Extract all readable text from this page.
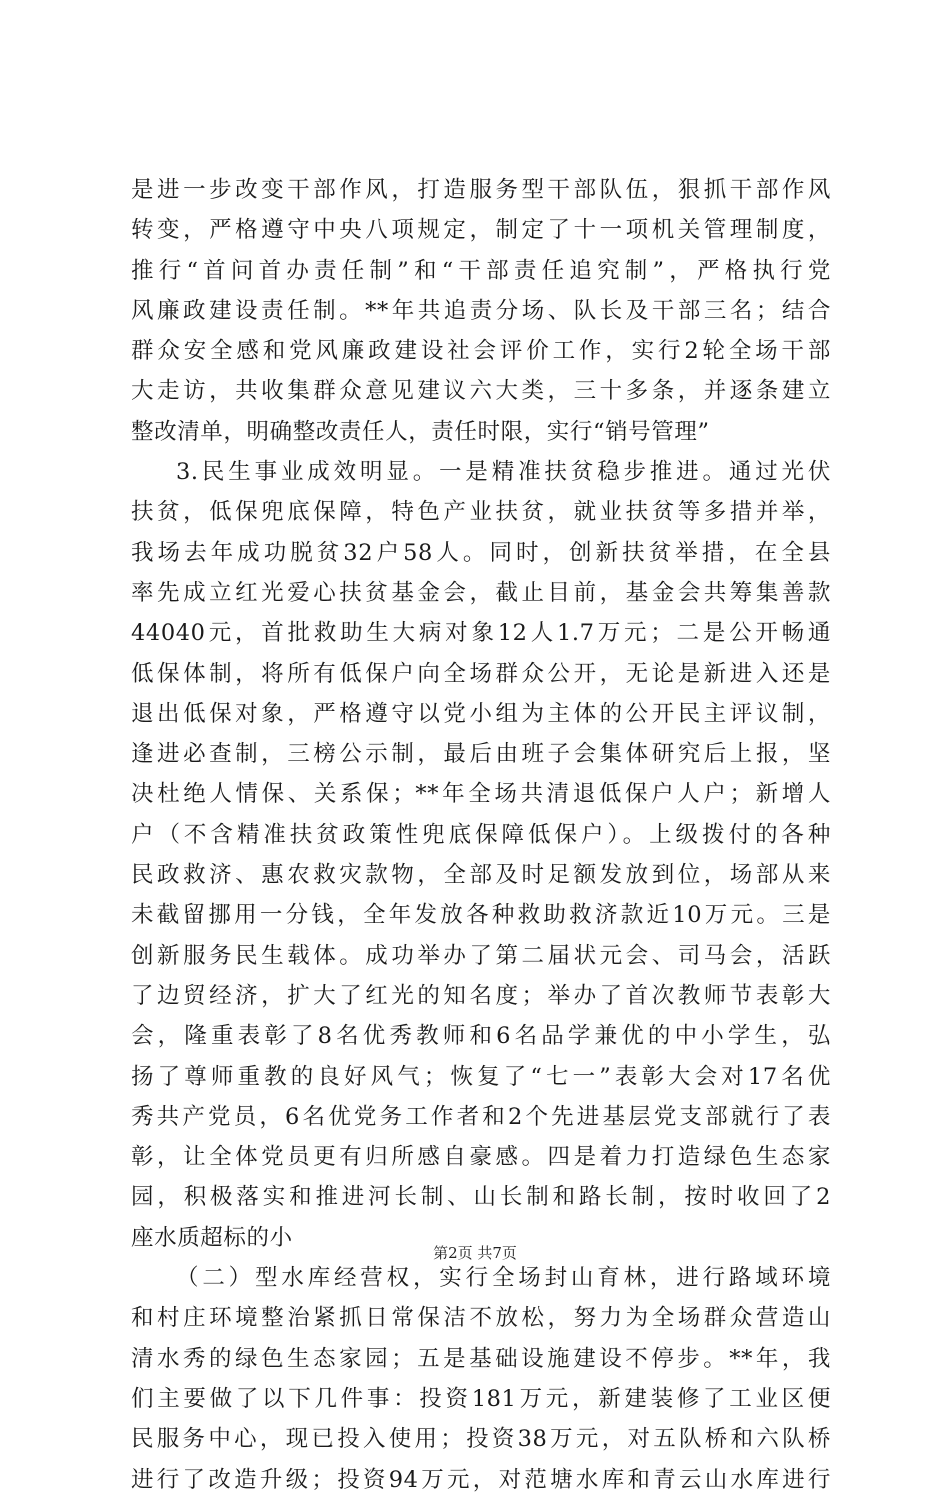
是进一步改变干部作风，打造服务型干部队伍，狠抓干部作风
转变，严格遵守中央八项规定，制定了十一项机关管理制度，
推行“首问首办责任制”和“干部责任追究制”，严格执行党
风廉政建设责任制。**年共追责分场、队长及干部三名；结合
群众安全感和党风廉政建设社会评价工作，实行2轮全场干部
大走访，共收集群众意见建议六大类，三十多条，并逐条建立
整改清单，明确整改责任人，责任时限，实行“销号管理”
3.民生事业成效明显。一是精准扶贫稳步推进。通过光伏
扶贫，低保兜底保障，特色产业扶贫，就业扶贫等多措并举，
我场去年成功脱贫32户58人。同时，创新扶贫举措，在全县
率先成立红光爱心扶贫基金会，截止目前，基金会共筹集善款
44040元，首批救助生大病对象12人1.7万元；二是公开畅通
低保体制，将所有低保户向全场群众公开，无论是新进入还是
退出低保对象，严格遵守以党小组为主体的公开民主评议制，
逢进必查制，三榜公示制，最后由班子会集体研究后上报，坚
决杜绝人情保、关系保；**年全场共清退低保户人户；新增人
户（不含精准扶贫政策性兜底保障低保户）。上级拨付的各种
民政救济、惠农救灾款物，全部及时足额发放到位，场部从来
未截留挪用一分钱，全年发放各种救助救济款近10万元。三是
创新服务民生载体。成功举办了第二届状元会、司马会，活跃
了边贸经济，扩大了红光的知名度；举办了首次教师节表彰大
会，隆重表彰了8名优秀教师和6名品学兼优的中小学生，弘
扬了尊师重教的良好风气；恢复了“七一”表彰大会对17名优
秀共产党员，6名优党务工作者和2个先进基层党支部就行了表
彰，让全体党员更有归所感自豪感。四是着力打造绿色生态家
园，积极落实和推进河长制、山长制和路长制，按时收回了2
座水质超标的小
（二）型水库经营权，实行全场封山育林，进行路域环境
和村庄环境整治紧抓日常保洁不放松，努力为全场群众营造山
清水秀的绿色生态家园；五是基础设施建设不停步。**年，我
们主要做了以下几件事：投资181万元，新建装修了工业区便
民服务中心，现已投入使用；投资38万元，对五队桥和六队桥
进行了改造升级；投资94万元，对范塘水库和青云山水库进行
第2页 共7页
